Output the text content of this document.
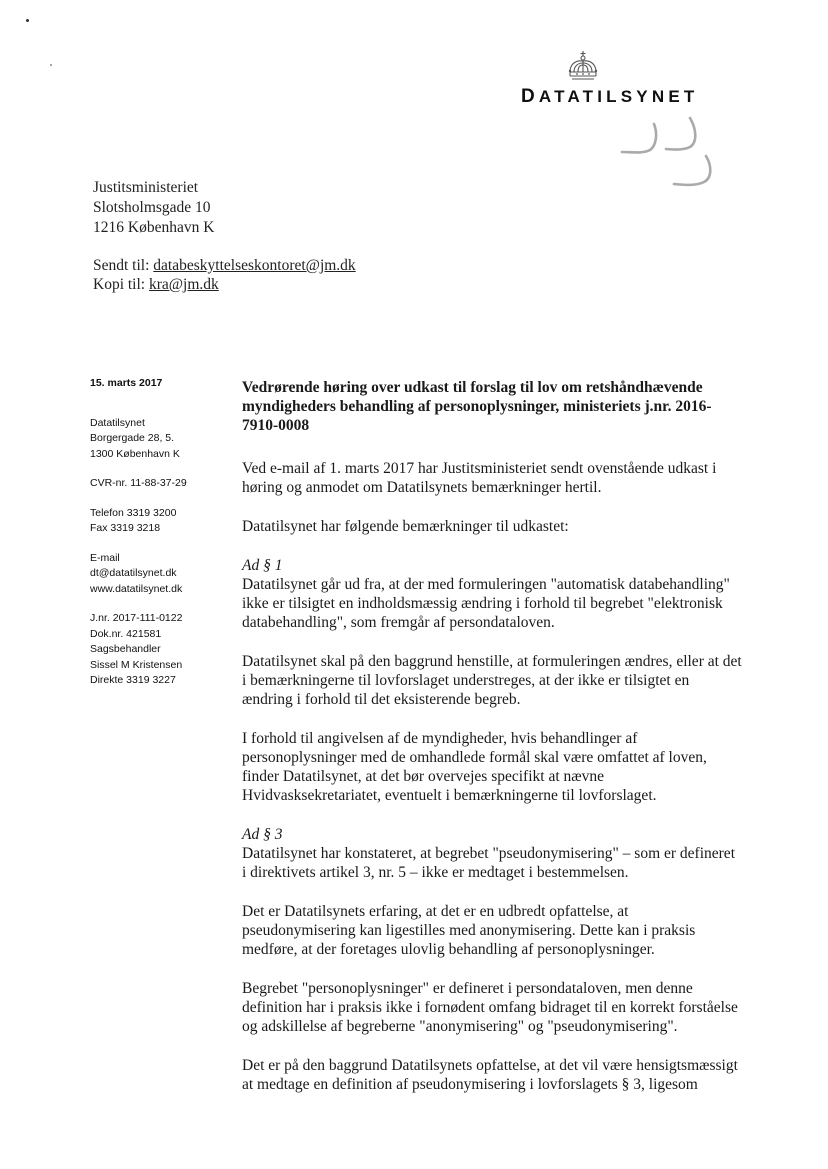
DATATILSYNET
Justitsministeriet
Slotsholmsgade 10
1216 København K
Sendt til: databeskyttelseskontoret@jm.dk
Kopi til: kra@jm.dk
15. marts 2017
Datatilsynet
Borgergade 28, 5.
1300 København K
CVR-nr. 11-88-37-29
Telefon 3319 3200
Fax 3319 3218
E-mail
dt@datatilsynet.dk
www.datatilsynet.dk
J.nr. 2017-111-0122
Dok.nr. 421581
Sagsbehandler
Sissel M Kristensen
Direkte 3319 3227
Vedrørende høring over udkast til forslag til lov om retshåndhævende myndigheders behandling af personoplysninger, ministeriets j.nr. 2016-7910-0008

Ved e-mail af 1. marts 2017 har Justitsministeriet sendt ovenstående udkast i høring og anmodet om Datatilsynets bemærkninger hertil.

Datatilsynet har følgende bemærkninger til udkastet:

Ad § 1
Datatilsynet går ud fra, at der med formuleringen "automatisk databehandling" ikke er tilsigtet en indholdsmæssig ændring i forhold til begrebet "elektronisk databehandling", som fremgår af persondataloven.

Datatilsynet skal på den baggrund henstille, at formuleringen ændres, eller at det i bemærkningerne til lovforslaget understreges, at der ikke er tilsigtet en ændring i forhold til det eksisterende begreb.

I forhold til angivelsen af de myndigheder, hvis behandlinger af personoplysninger med de omhandlede formål skal være omfattet af loven, finder Datatilsynet, at det bør overvejes specifikt at nævne Hvidvasksekretariatet, eventuelt i bemærkningerne til lovforslaget.

Ad § 3
Datatilsynet har konstateret, at begrebet "pseudonymisering" – som er defineret i direktivets artikel 3, nr. 5 – ikke er medtaget i bestemmelsen.

Det er Datatilsynets erfaring, at det er en udbredt opfattelse, at pseudonymisering kan ligestilles med anonymisering. Dette kan i praksis medføre, at der foretages ulovlig behandling af personoplysninger.

Begrebet "personoplysninger" er defineret i persondataloven, men denne definition har i praksis ikke i fornødent omfang bidraget til en korrekt forståelse og adskillelse af begreberne "anonymisering" og "pseudonymisering".

Det er på den baggrund Datatilsynets opfattelse, at det vil være hensigtsmæssigt at medtage en definition af pseudonymisering i lovforslagets § 3, ligesom
